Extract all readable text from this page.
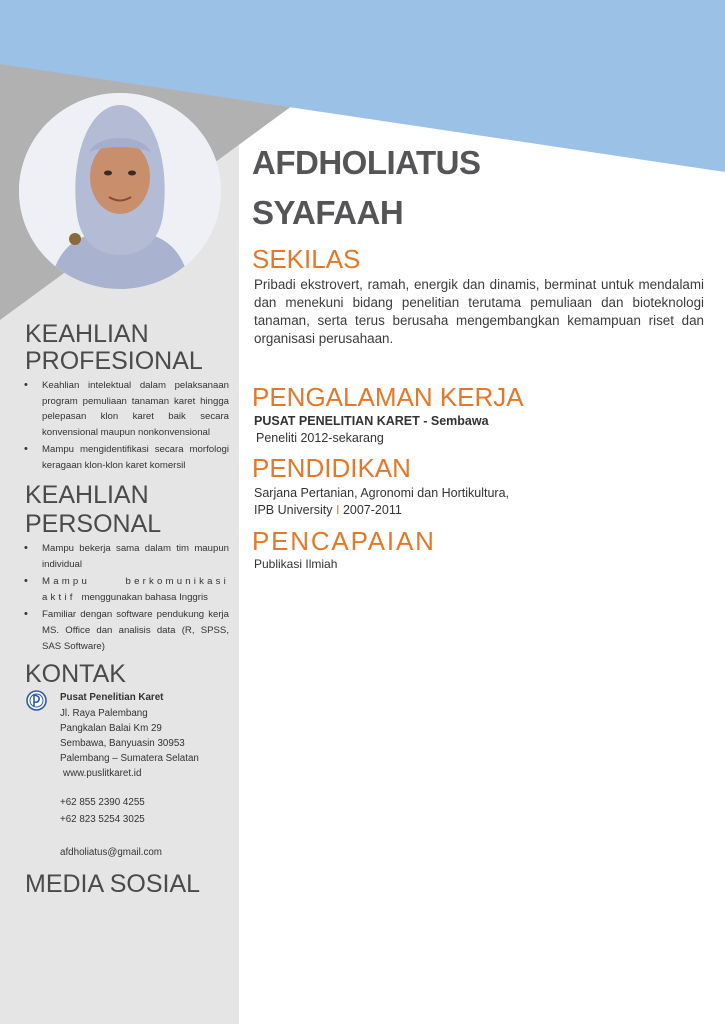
AFDHOLIATUS
SYAFAAH
SEKILAS
Pribadi ekstrovert, ramah, energik dan dinamis, berminat untuk mendalami dan menekuni bidang penelitian terutama pemuliaan dan bioteknologi tanaman, serta terus berusaha mengembangkan kemampuan riset dan organisasi perusahaan.
PENGALAMAN KERJA
PUSAT PENELITIAN KARET - Sembawa
Peneliti 2012-sekarang
PENDIDIKAN
Sarjana Pertanian, Agronomi dan Hortikultura,
IPB University I 2007-2011
PENCAPAIAN
Publikasi Ilmiah
KEAHLIAN
PROFESIONAL
• Keahlian intelektual dalam pelaksanaan program pemuliaan tanaman karet hingga pelepasan klon karet baik secara konvensional maupun nonkonvensional
• Mampu mengidentifikasi secara morfologi keragaan klon-klon karet komersil
KEAHLIAN
PERSONAL
• Mampu bekerja sama dalam tim maupun individual
• Mampu berkomunikasi aktif menggunakan bahasa Inggris
• Familiar dengan software pendukung kerja MS. Office dan analisis data (R, SPSS, SAS Software)
KONTAK
Pusat Penelitian Karet
Jl. Raya Palembang
Pangkalan Balai Km 29
Sembawa, Banyuasin 30953
Palembang – Sumatera Selatan
www.puslitkaret.id
+62 855 2390 4255
+62 823 5254 3025
afdholiatus@gmail.com
MEDIA SOSIAL
